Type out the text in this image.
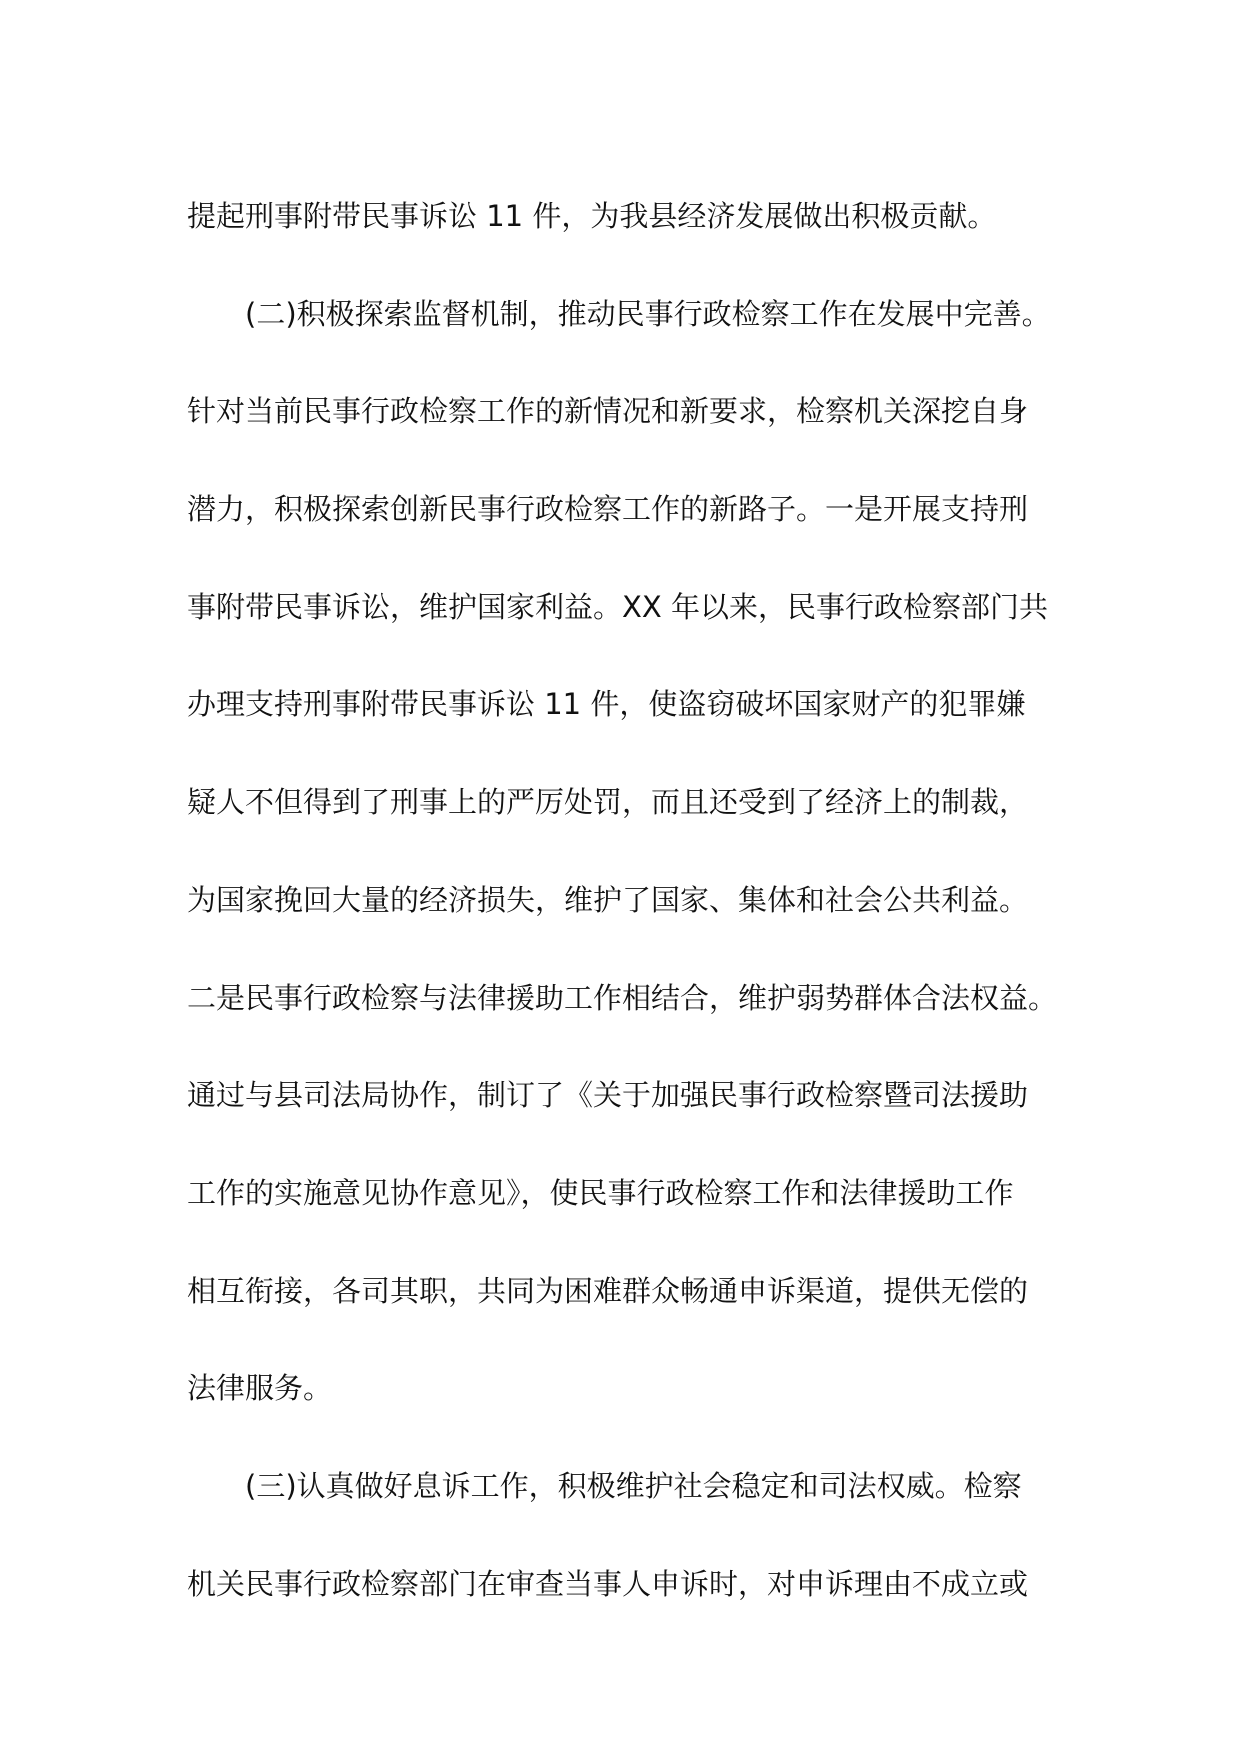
提起刑事附带民事诉讼 11 件，为我县经济发展做出积极贡献。
(二)积极探索监督机制，推动民事行政检察工作在发展中完善。
针对当前民事行政检察工作的新情况和新要求，检察机关深挖自身
潜力，积极探索创新民事行政检察工作的新路子。一是开展支持刑
事附带民事诉讼，维护国家利益。XX 年以来，民事行政检察部门共
办理支持刑事附带民事诉讼 11 件，使盗窃破坏国家财产的犯罪嫌
疑人不但得到了刑事上的严厉处罚，而且还受到了经济上的制裁，
为国家挽回大量的经济损失，维护了国家、集体和社会公共利益。
二是民事行政检察与法律援助工作相结合，维护弱势群体合法权益。
通过与县司法局协作，制订了《关于加强民事行政检察暨司法援助
工作的实施意见协作意见》，使民事行政检察工作和法律援助工作
相互衔接，各司其职，共同为困难群众畅通申诉渠道，提供无偿的
法律服务。
(三)认真做好息诉工作，积极维护社会稳定和司法权威。检察
机关民事行政检察部门在审查当事人申诉时，对申诉理由不成立或
